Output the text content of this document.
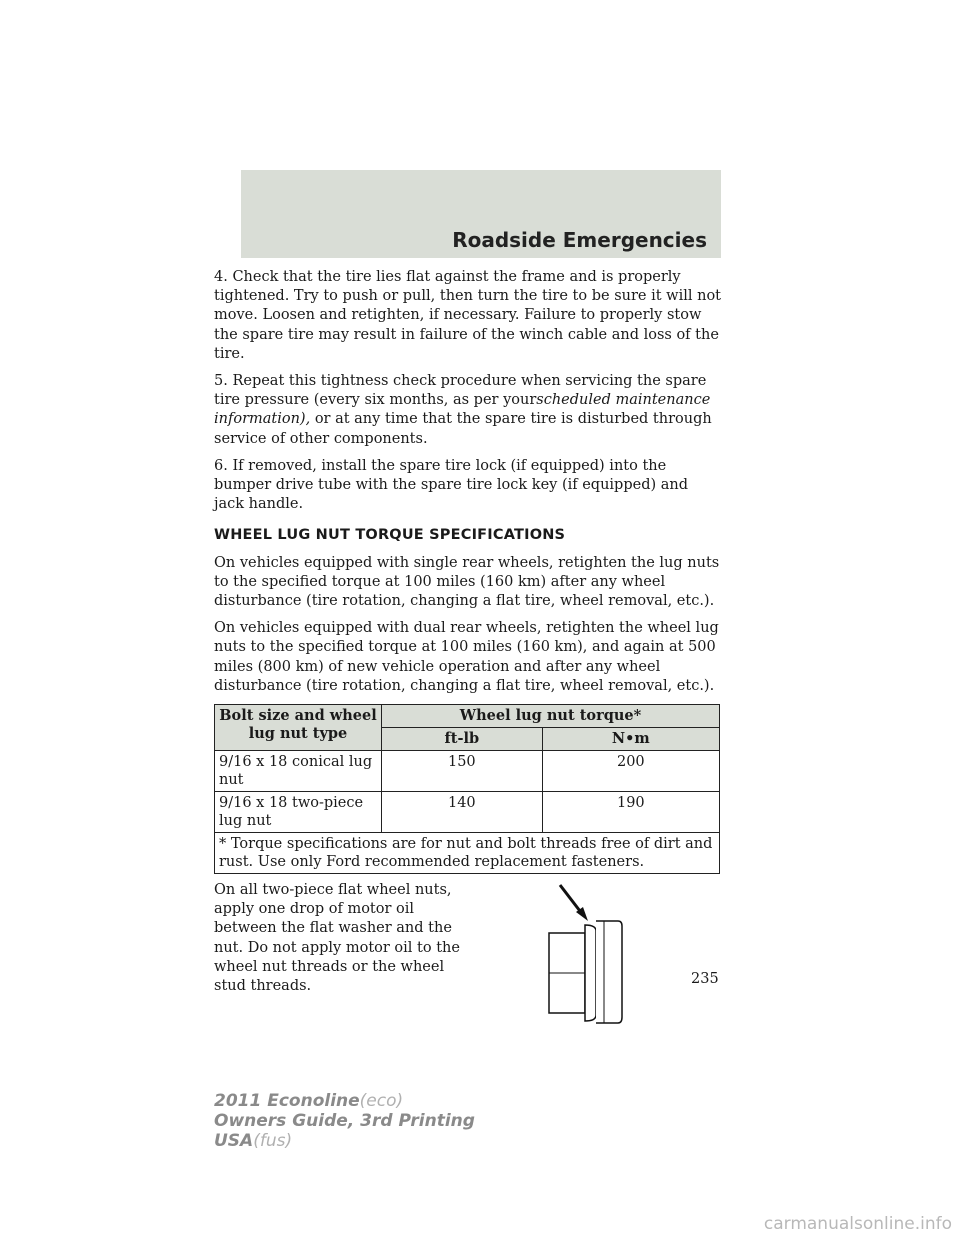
Roadside Emergencies

4. Check that the tire lies flat against the frame and is properly tightened. Try to push or pull, then turn the tire to be sure it will not move. Loosen and retighten, if necessary. Failure to properly stow the spare tire may result in failure of the winch cable and loss of the tire.

5. Repeat this tightness check procedure when servicing the spare tire pressure (every six months, as per yourscheduled maintenance information), or at any time that the spare tire is disturbed through service of other components.

6. If removed, install the spare tire lock (if equipped) into the bumper drive tube with the spare tire lock key (if equipped) and jack handle.

WHEEL LUG NUT TORQUE SPECIFICATIONS

On vehicles equipped with single rear wheels, retighten the lug nuts to the specified torque at 100 miles (160 km) after any wheel disturbance (tire rotation, changing a flat tire, wheel removal, etc.).

On vehicles equipped with dual rear wheels, retighten the wheel lug nuts to the specified torque at 100 miles (160 km), and again at 500 miles (800 km) of new vehicle operation and after any wheel disturbance (tire rotation, changing a flat tire, wheel removal, etc.).

Bolt size and wheel lug nut type	Wheel lug nut torque*	
	ft-lb	N•m
9/16 x 18 conical lug nut	150	200
9/16 x 18 two-piece lug nut	140	190
* Torque specifications are for nut and bolt threads free of dirt and rust. Use only Ford recommended replacement fasteners.		

On all two-piece flat wheel nuts, apply one drop of motor oil between the flat washer and the nut. Do not apply motor oil to the wheel nut threads or the wheel stud threads.	235
2011 Econoline(eco)
Owners Guide, 3rd Printing
USA(fus)
carmanualsonline.info
